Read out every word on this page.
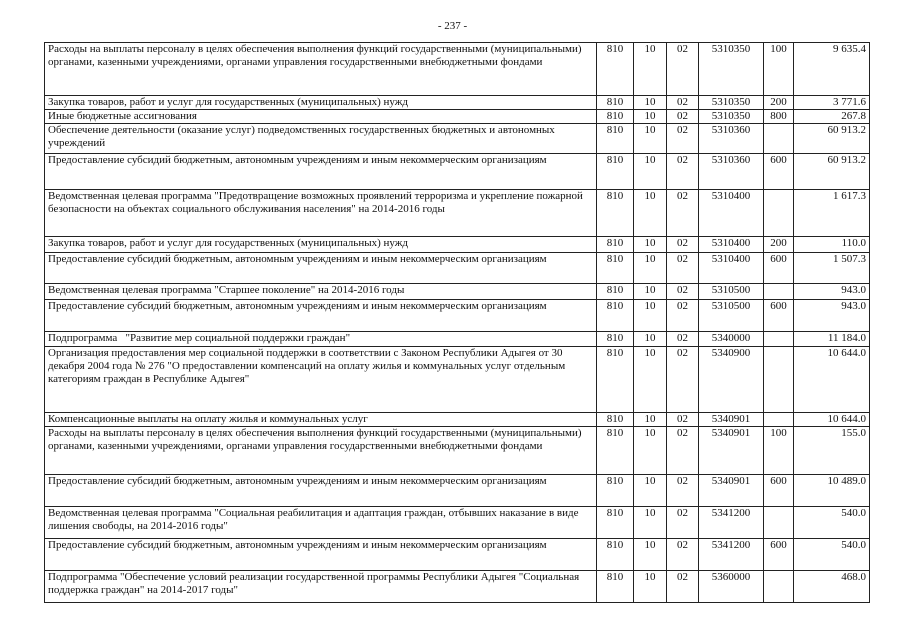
- 237 -
Расходы на выплаты персоналу в целях обеспечения выполнения функций государственными (муниципальными) органами, казенными учреждениями, органами управления государственными внебюджетными фондами	810	10	02	5310350	100	9 635.4
Закупка товаров, работ и услуг для государственных (муниципальных) нужд	810	10	02	5310350	200	3 771.6
Иные бюджетные ассигнования	810	10	02	5310350	800	267.8
Обеспечение деятельности (оказание услуг) подведомственных государственных бюджетных и автономных учреждений	810	10	02	5310360		60 913.2
Предоставление субсидий бюджетным, автономным учреждениям и иным некоммерческим организациям	810	10	02	5310360	600	60 913.2
Ведомственная целевая программа "Предотвращение возможных проявлений терроризма и укрепление пожарной безопасности на объектах социального обслуживания населения" на 2014-2016 годы	810	10	02	5310400		1 617.3
Закупка товаров, работ и услуг для государственных (муниципальных) нужд	810	10	02	5310400	200	110.0
Предоставление субсидий бюджетным, автономным учреждениям и иным некоммерческим организациям	810	10	02	5310400	600	1 507.3
Ведомственная целевая программа "Старшее поколение" на 2014-2016 годы	810	10	02	5310500		943.0
Предоставление субсидий бюджетным, автономным учреждениям и иным некоммерческим организациям	810	10	02	5310500	600	943.0
Подпрограмма   "Развитие мер социальной поддержки граждан"	810	10	02	5340000		11 184.0
Организация предоставления мер социальной поддержки в соответствии с Законом Республики Адыгея от 30 декабря 2004 года № 276 "О предоставлении компенсаций на оплату жилья и коммунальных услуг отдельным категориям граждан в Республике Адыгея"	810	10	02	5340900		10 644.0
Компенсационные выплаты на оплату жилья и коммунальных услуг	810	10	02	5340901		10 644.0
Расходы на выплаты персоналу в целях обеспечения выполнения функций государственными (муниципальными) органами, казенными учреждениями, органами управления государственными внебюджетными фондами	810	10	02	5340901	100	155.0
Предоставление субсидий бюджетным, автономным учреждениям и иным некоммерческим организациям	810	10	02	5340901	600	10 489.0
Ведомственная целевая программа "Социальная реабилитация и адаптация граждан, отбывших наказание в виде лишения свободы, на 2014-2016 годы"	810	10	02	5341200		540.0
Предоставление субсидий бюджетным, автономным учреждениям и иным некоммерческим организациям	810	10	02	5341200	600	540.0
Подпрограмма "Обеспечение условий реализации государственной программы Республики Адыгея "Социальная поддержка граждан" на 2014-2017 годы"	810	10	02	5360000		468.0
